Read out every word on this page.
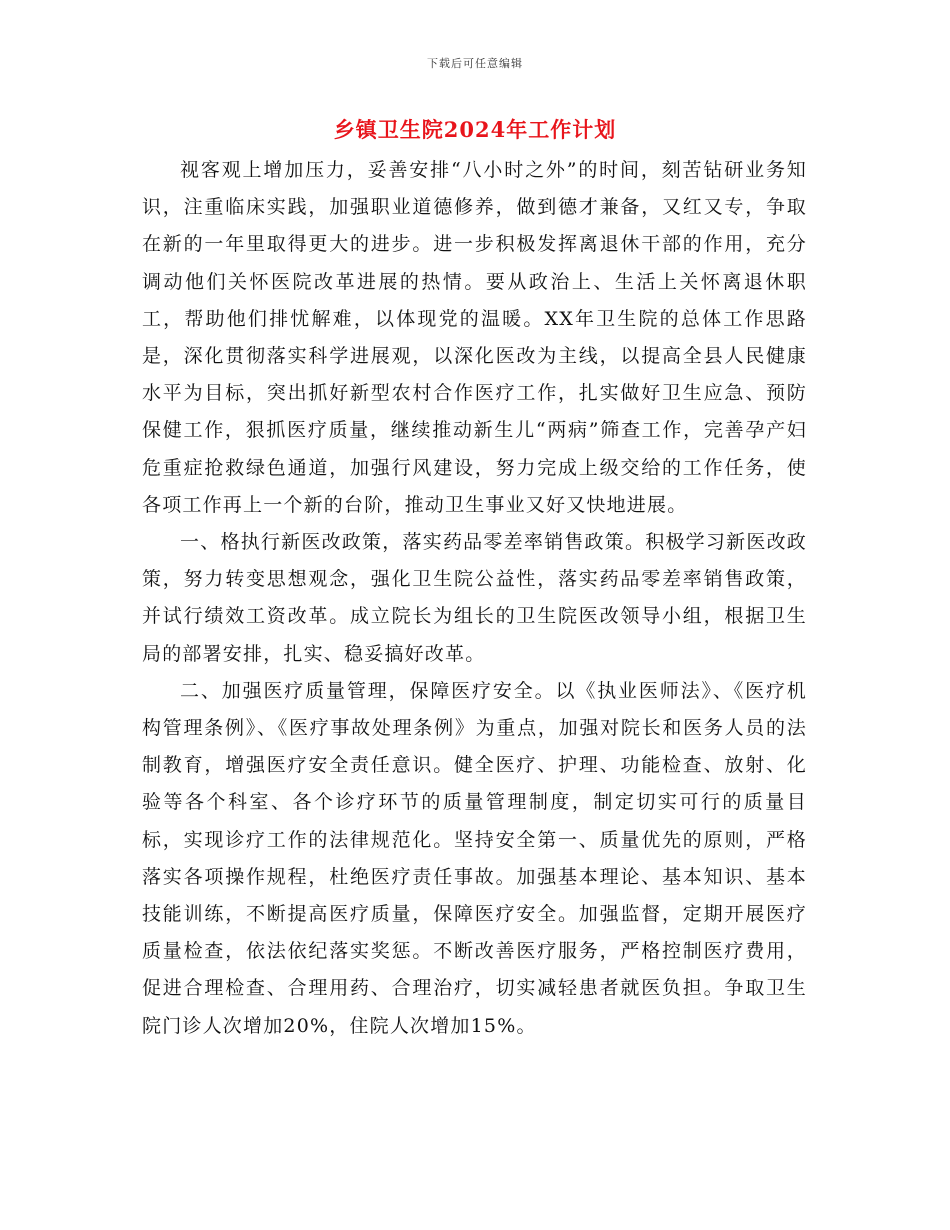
下载后可任意编辑
乡镇卫生院2024年工作计划

视客观上增加压力，妥善安排“八小时之外”的时间，刻苦钻研业务知识，注重临床实践，加强职业道德修养，做到德才兼备，又红又专，争取在新的一年里取得更大的进步。进一步积极发挥离退休干部的作用，充分调动他们关怀医院改革进展的热情。要从政治上、生活上关怀离退休职工，帮助他们排忧解难，以体现党的温暖。XX年卫生院的总体工作思路是，深化贯彻落实科学进展观，以深化医改为主线，以提高全县人民健康水平为目标，突出抓好新型农村合作医疗工作，扎实做好卫生应急、预防保健工作，狠抓医疗质量，继续推动新生儿“两病”筛查工作，完善孕产妇危重症抢救绿色通道，加强行风建设，努力完成上级交给的工作任务，使各项工作再上一个新的台阶，推动卫生事业又好又快地进展。

一、格执行新医改政策，落实药品零差率销售政策。积极学习新医改政策，努力转变思想观念，强化卫生院公益性，落实药品零差率销售政策，并试行绩效工资改革。成立院长为组长的卫生院医改领导小组，根据卫生局的部署安排，扎实、稳妥搞好改革。

二、加强医疗质量管理，保障医疗安全。以《执业医师法》、《医疗机构管理条例》、《医疗事故处理条例》为重点，加强对院长和医务人员的法制教育，增强医疗安全责任意识。健全医疗、护理、功能检查、放射、化验等各个科室、各个诊疗环节的质量管理制度，制定切实可行的质量目标，实现诊疗工作的法律规范化。坚持安全第一、质量优先的原则，严格落实各项操作规程，杜绝医疗责任事故。加强基本理论、基本知识、基本技能训练，不断提高医疗质量，保障医疗安全。加强监督，定期开展医疗质量检查，依法依纪落实奖惩。不断改善医疗服务，严格控制医疗费用，促进合理检查、合理用药、合理治疗，切实减轻患者就医负担。争取卫生院门诊人次增加20%，住院人次增加15%。
